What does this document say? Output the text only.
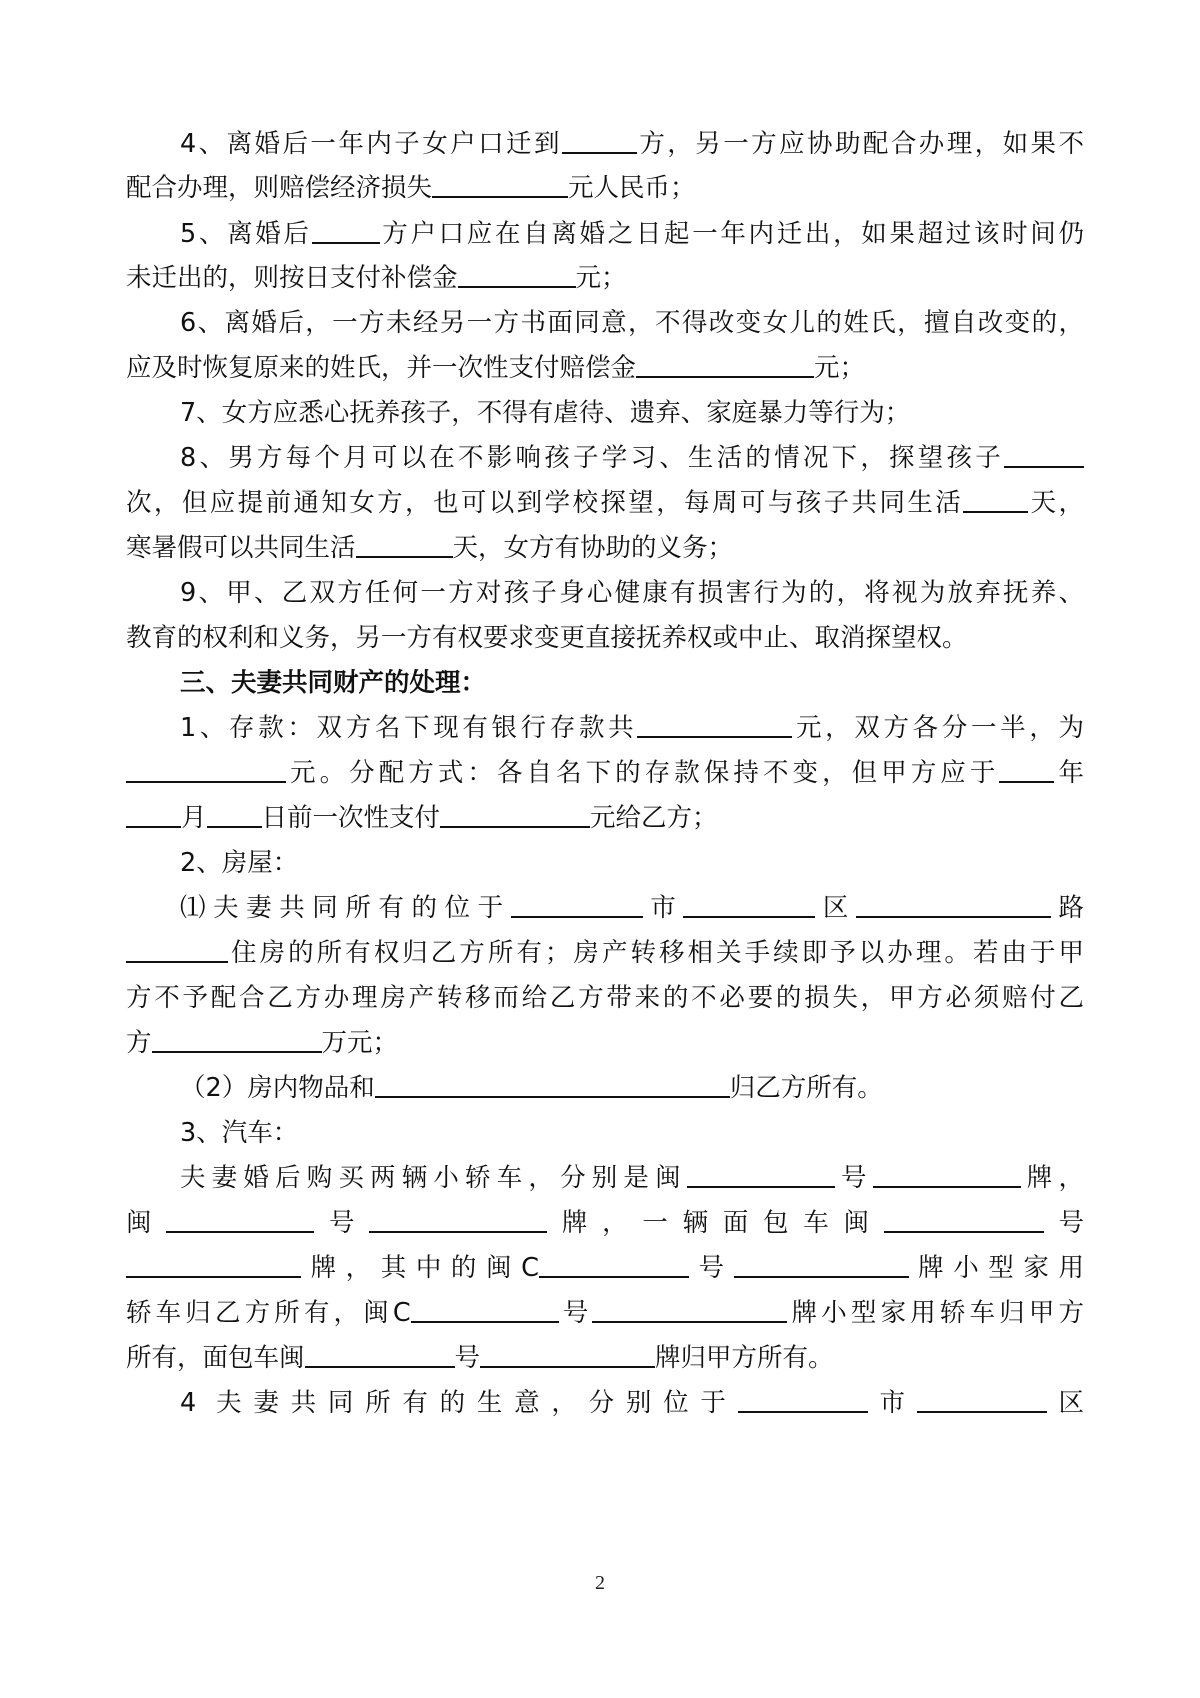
4、离婚后一年内子女户口迁到	方，另一方应协助配合办理，如果不
配合办理，则赔偿经济损失	元人民币；
5、离婚后	方户口应在自离婚之日起一年内迁出，如果超过该时间仍
未迁出的，则按日支付补偿金	元；
6、离婚后，一方未经另一方书面同意，不得改变女儿的姓氏，擅自改变的，
应及时恢复原来的姓氏，并一次性支付赔偿金	元；
7、女方应悉心抚养孩子，不得有虐待、遗弃、家庭暴力等行为；
8、男方每个月可以在不影响孩子学习、生活的情况下，探望孩子
次，但应提前通知女方，也可以到学校探望，每周可与孩子共同生活	天，
寒暑假可以共同生活	天，女方有协助的义务；
9、甲、乙双方任何一方对孩子身心健康有损害行为的，将视为放弃抚养、
教育的权利和义务，另一方有权要求变更直接抚养权或中止、取消探望权。
三、夫妻共同财产的处理：
1、存款：双方名下现有银行存款共	元，双方各分一半，为
元。分配方式：各自名下的存款保持不变，但甲方应于 年
月 日前一次性支付	元给乙方；
2、房屋：
⑴夫妻共同所有的位于	市	区	路
住房的所有权归乙方所有；房产转移相关手续即予以办理。若由于甲
方不予配合乙方办理房产转移而给乙方带来的不必要的损失，甲方必须赔付乙
方	万元；
（2）房内物品和	归乙方所有。
3、汽车：
夫妻婚后购买两辆小轿车，分别是闽	号	牌，
闽	号	牌，一辆面包车闽	号
牌，其中的闽C	号	牌小型家用
轿车归乙方所有，闽C	号	牌小型家用轿车归甲方
所有，面包车闽	号	牌归甲方所有。
4 夫妻共同所有的生意，分别位于	市	区
2
